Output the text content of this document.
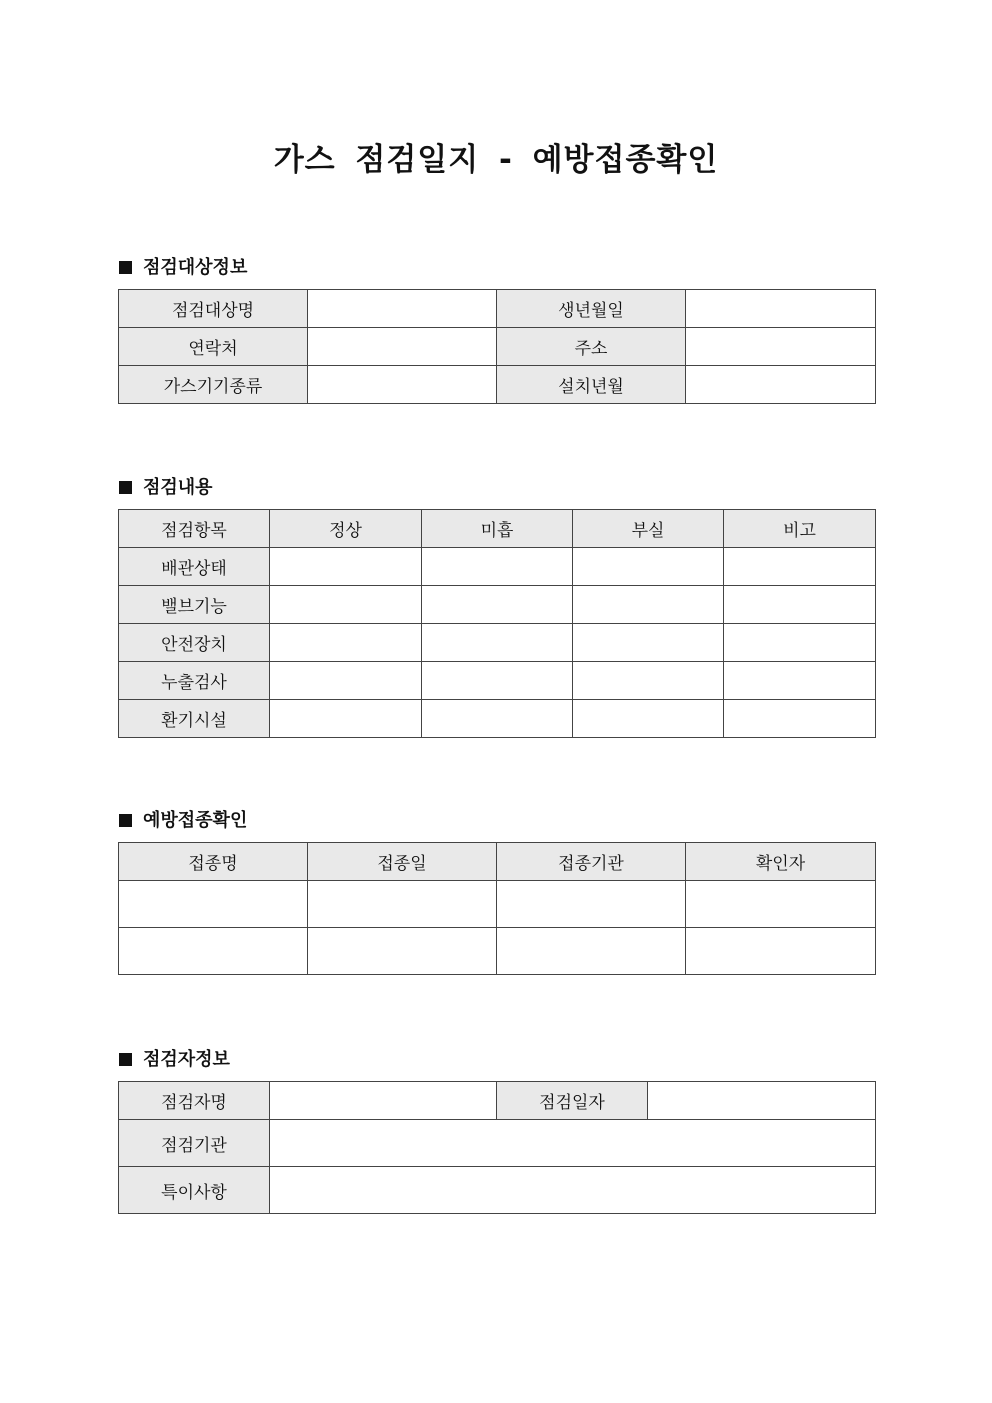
가스 점검일지 - 예방접종확인
점검대상정보
점검대상명		생년월일	
연락처		주소	
가스기기종류		설치년월	
점검내용
점검항목	정상	미흡	부실	비고
배관상태				
밸브기능				
안전장치				
누출검사				
환기시설				
예방접종확인
접종명	접종일	접종기관	확인자

점검자정보
점검자명		점검일자	
점검기관			
특이사항			
